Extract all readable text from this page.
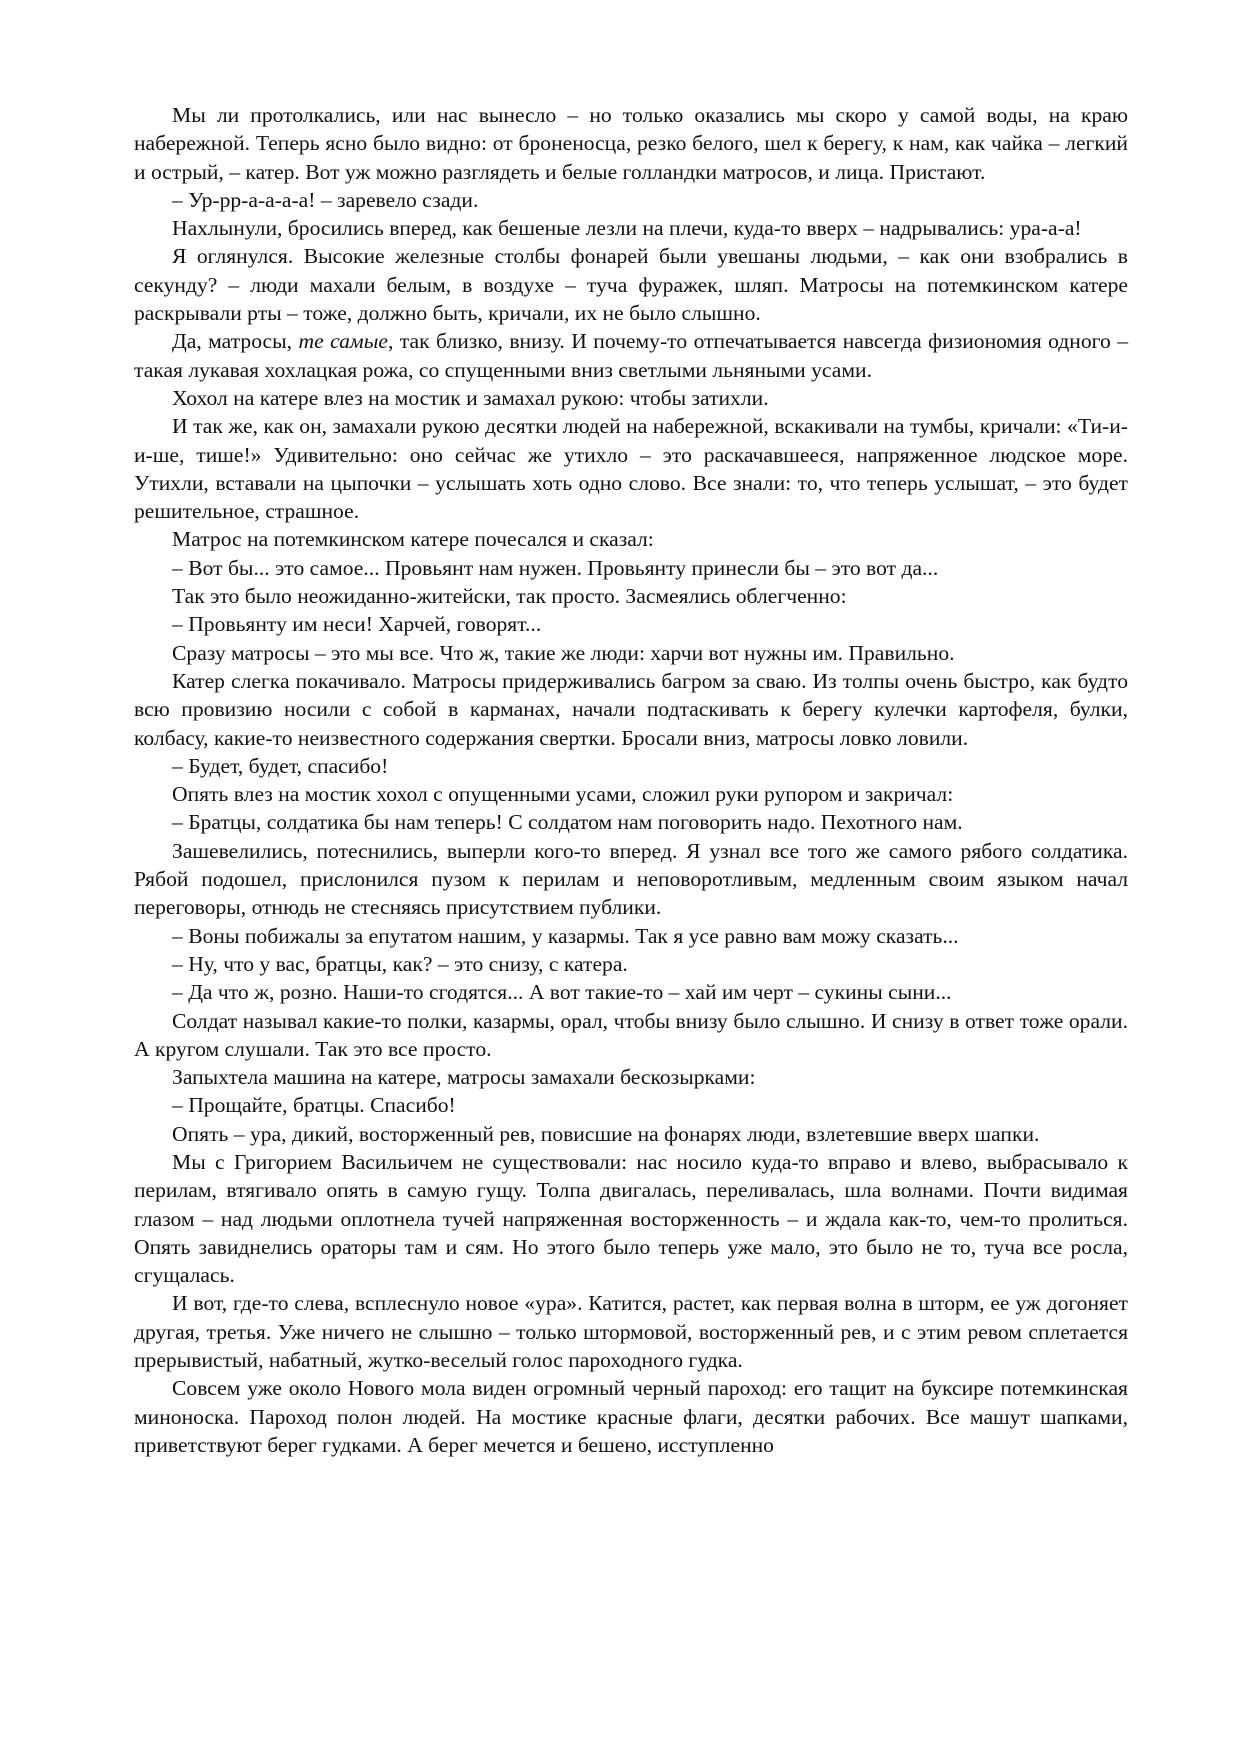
Мы ли протолкались, или нас вынесло – но только оказались мы скоро у самой воды, на краю набережной. Теперь ясно было видно: от броненосца, резко белого, шел к берегу, к нам, как чайка – легкий и острый, – катер. Вот уж можно разглядеть и белые голландки матросов, и лица. Пристают.

– Ур-рр-а-а-а-а! – заревело сзади.

Нахлынули, бросились вперед, как бешеные лезли на плечи, куда-то вверх – надрывались: ура-а-а!

Я оглянулся. Высокие железные столбы фонарей были увешаны людьми, – как они взобрались в секунду? – люди махали белым, в воздухе – туча фуражек, шляп. Матросы на потемкинском катере раскрывали рты – тоже, должно быть, кричали, их не было слышно.

Да, матросы, те самые, так близко, внизу. И почему-то отпечатывается навсегда физиономия одного – такая лукавая хохлацкая рожа, со спущенными вниз светлыми льняными усами.

Хохол на катере влез на мостик и замахал рукою: чтобы затихли.

И так же, как он, замахали рукою десятки людей на набережной, вскакивали на тумбы, кричали: «Ти-и-и-ше, тише!» Удивительно: оно сейчас же утихло – это раскачавшееся, напряженное людское море. Утихли, вставали на цыпочки – услышать хоть одно слово. Все знали: то, что теперь услышат, – это будет решительное, страшное.

Матрос на потемкинском катере почесался и сказал:

– Вот бы... это самое... Провьянт нам нужен. Провьянту принесли бы – это вот да...

Так это было неожиданно-житейски, так просто. Засмеялись облегченно:

– Провьянту им неси! Харчей, говорят...

Сразу матросы – это мы все. Что ж, такие же люди: харчи вот нужны им. Правильно.

Катер слегка покачивало. Матросы придерживались багром за сваю. Из толпы очень быстро, как будто всю провизию носили с собой в карманах, начали подтаскивать к берегу кулечки картофеля, булки, колбасу, какие-то неизвестного содержания свертки. Бросали вниз, матросы ловко ловили.

– Будет, будет, спасибо!

Опять влез на мостик хохол с опущенными усами, сложил руки рупором и закричал:

– Братцы, солдатика бы нам теперь! С солдатом нам поговорить надо. Пехотного нам.

Зашевелились, потеснились, выперли кого-то вперед. Я узнал все того же самого рябого солдатика. Рябой подошел, прислонился пузом к перилам и неповоротливым, медленным своим языком начал переговоры, отнюдь не стесняясь присутствием публики.

– Воны побижалы за епутатом нашим, у казармы. Так я усе равно вам можу сказать...

– Ну, что у вас, братцы, как? – это снизу, с катера.

– Да что ж, розно. Наши-то сгодятся... А вот такие-то – хай им черт – сукины сыни...

Солдат называл какие-то полки, казармы, орал, чтобы внизу было слышно. И снизу в ответ тоже орали. А кругом слушали. Так это все просто.

Запыхтела машина на катере, матросы замахали бескозырками:

– Прощайте, братцы. Спасибо!

Опять – ура, дикий, восторженный рев, повисшие на фонарях люди, взлетевшие вверх шапки.

Мы с Григорием Васильичем не существовали: нас носило куда-то вправо и влево, выбрасывало к перилам, втягивало опять в самую гущу. Толпа двигалась, переливалась, шла волнами. Почти видимая глазом – над людьми оплотнела тучей напряженная восторженность – и ждала как-то, чем-то пролиться. Опять завиднелись ораторы там и сям. Но этого было теперь уже мало, это было не то, туча все росла, сгущалась.

И вот, где-то слева, всплеснуло новое «ура». Катится, растет, как первая волна в шторм, ее уж догоняет другая, третья. Уже ничего не слышно – только штормовой, восторженный рев, и с этим ревом сплетается прерывистый, набатный, жутко-веселый голос пароходного гудка.

Совсем уже около Нового мола виден огромный черный пароход: его тащит на буксире потемкинская миноноска. Пароход полон людей. На мостике красные флаги, десятки рабочих. Все машут шапками, приветствуют берег гудками. А берег мечется и бешено, исступленно
